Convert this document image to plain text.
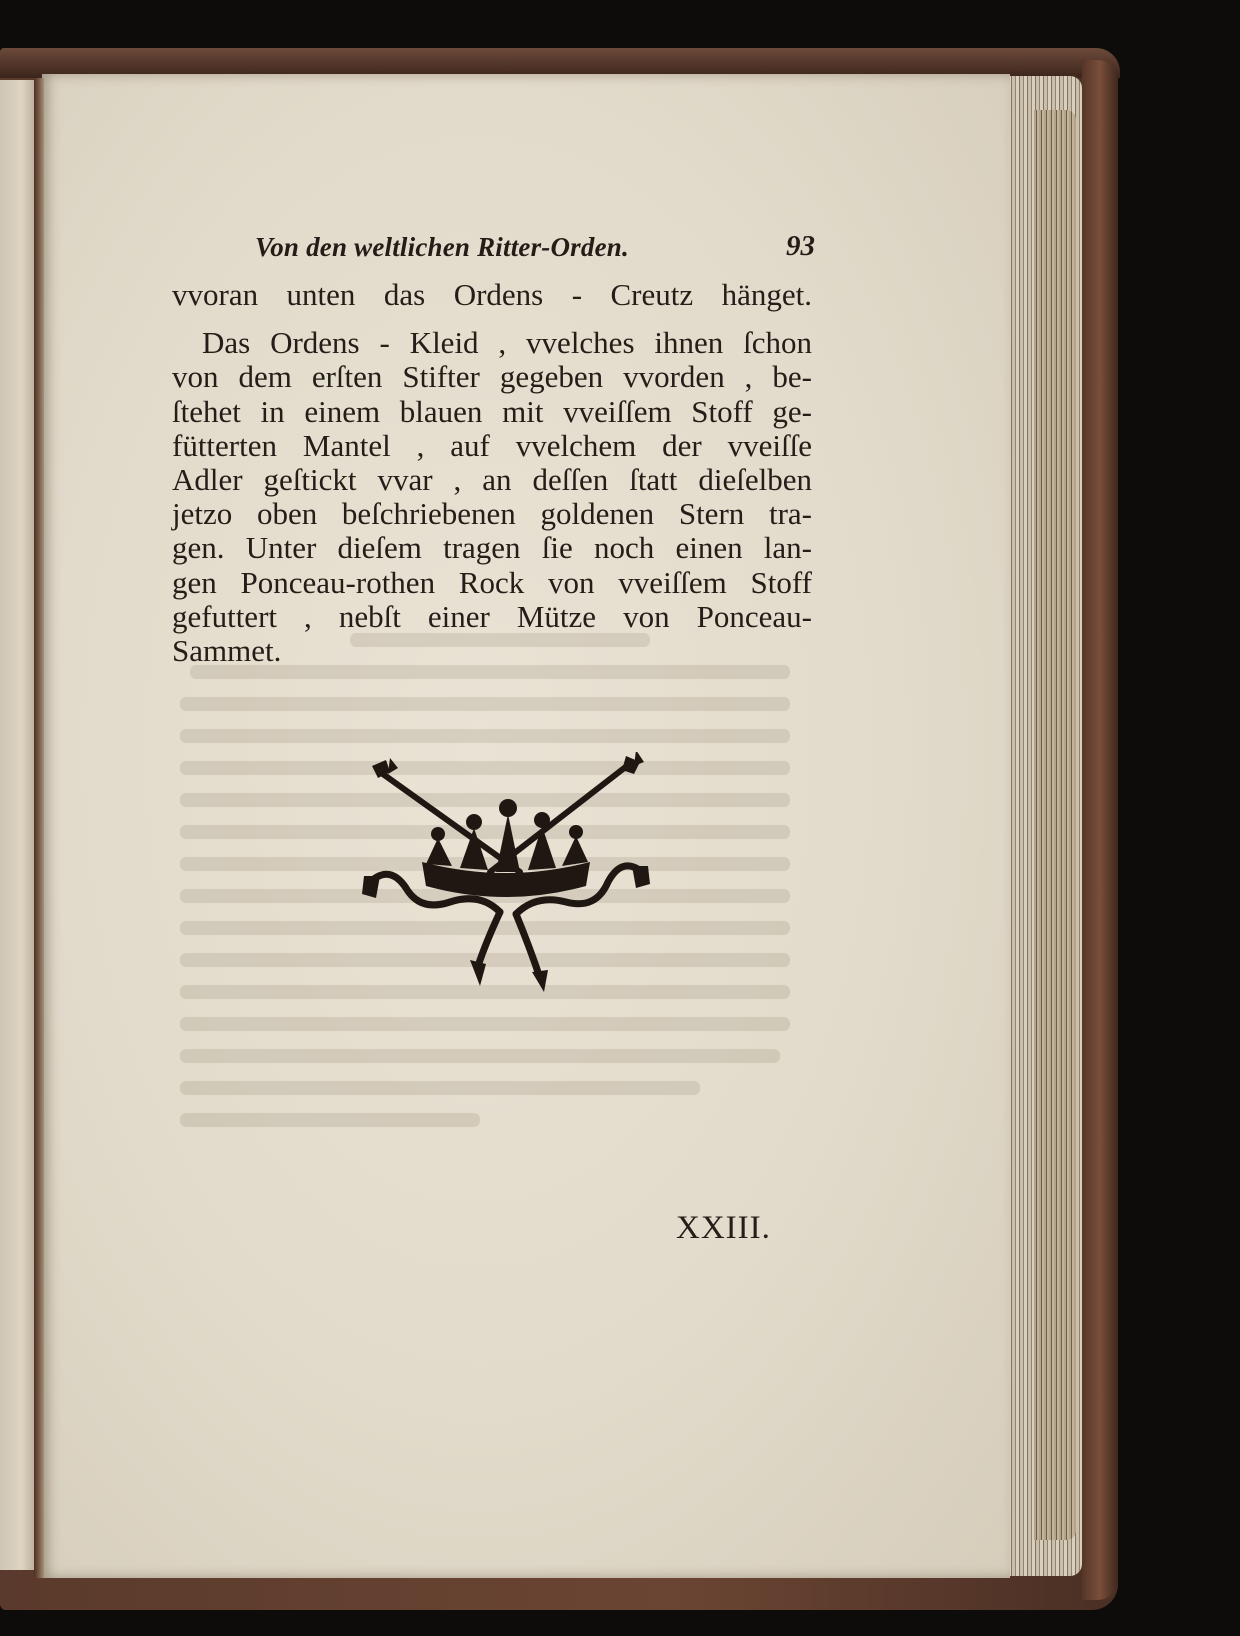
Von den weltlichen Ritter-Orden.	93
vvoran unten das Ordens - Creutz hänget.
Das Ordens - Kleid , vvelches ihnen ſchon
von dem erſten Stifter gegeben vvorden , be-
ſtehet in einem blauen mit vveiſſem Stoff ge-
fütterten Mantel , auf vvelchem der vveiſſe
Adler geſtickt vvar , an deſſen ſtatt dieſelben
jetzo oben beſchriebenen goldenen Stern tra-
gen. Unter dieſem tragen ſie noch einen lan-
gen Ponceau-rothen Rock von vveiſſem Stoff
gefuttert , nebſt einer Mütze von Ponceau-
Sammet.
XXIII.
